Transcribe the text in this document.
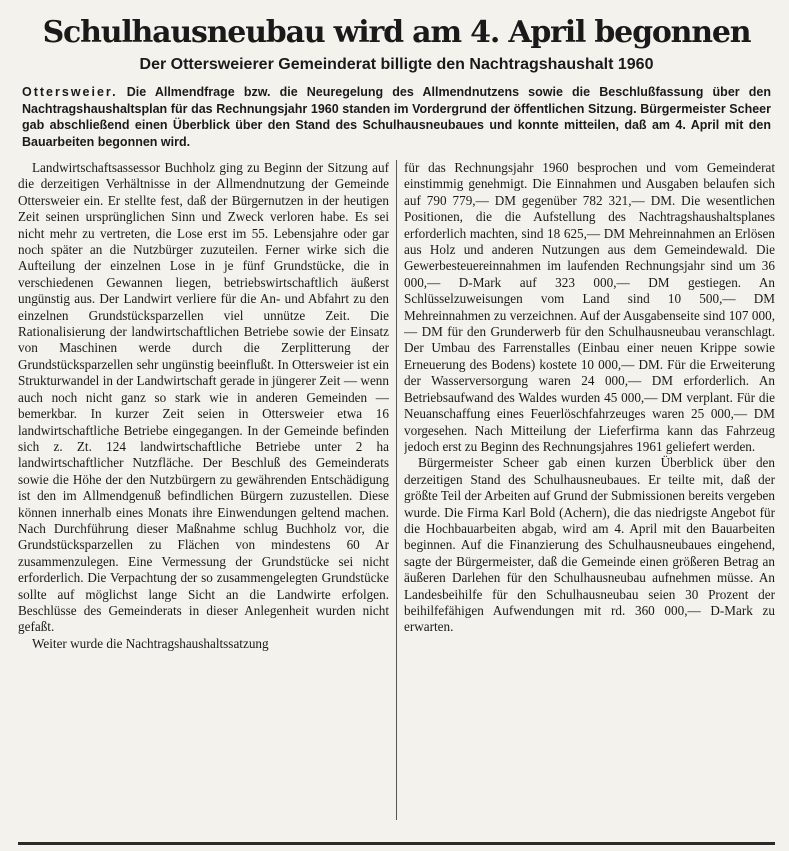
Schulhausneubau wird am 4. April begonnen
Der Ottersweierer Gemeinderat billigte den Nachtragshaushalt 1960
Ottersweier. Die Allmendfrage bzw. die Neuregelung des Allmendnutzens sowie die Beschlußfassung über den Nachtragshaushaltsplan für das Rechnungsjahr 1960 standen im Vordergrund der öffentlichen Sitzung. Bürgermeister Scheer gab abschließend einen Überblick über den Stand des Schulhausneubaues und konnte mitteilen, daß am 4. April mit den Bauarbeiten begonnen wird.

Landwirtschaftsassessor Buchholz ging zu Beginn der Sitzung auf die derzeitigen Verhältnisse in der Allmendnutzung der Gemeinde Ottersweier ein. Er stellte fest, daß der Bürgernutzen in der heutigen Zeit seinen ursprünglichen Sinn und Zweck verloren habe. Es sei nicht mehr zu vertreten, die Lose erst im 55. Lebensjahre oder gar noch später an die Nutzbürger zuzuteilen. Ferner wirke sich die Aufteilung der einzelnen Lose in je fünf Grundstücke, die in verschiedenen Gewannen liegen, betriebswirtschaftlich äußerst ungünstig aus. Der Landwirt verliere für die An- und Abfahrt zu den einzelnen Grundstücksparzellen viel unnütze Zeit. Die Rationalisierung der landwirtschaftlichen Betriebe sowie der Einsatz von Maschinen werde durch die Zerplitterung der Grundstücksparzellen sehr ungünstig beeinflußt. In Ottersweier ist ein Strukturwandel in der Landwirtschaft gerade in jüngerer Zeit — wenn auch noch nicht ganz so stark wie in anderen Gemeinden — bemerkbar. In kurzer Zeit seien in Ottersweier etwa 16 landwirtschaftliche Betriebe eingegangen. In der Gemeinde befinden sich z. Zt. 124 landwirtschaftliche Betriebe unter 2 ha landwirtschaftlicher Nutzfläche. Der Beschluß des Gemeinderats sowie die Höhe der den Nutzbürgern zu gewährenden Entschädigung ist den im Allmendgenuß befindlichen Bürgern zuzustellen. Diese können innerhalb eines Monats ihre Einwendungen geltend machen. Nach Durchführung dieser Maßnahme schlug Buchholz vor, die Grundstücksparzellen zu Flächen von mindestens 60 Ar zusammenzulegen. Eine Vermessung der Grundstücke sei nicht erforderlich. Die Verpachtung der so zusammengelegten Grundstücke sollte auf möglichst lange Sicht an die Landwirte erfolgen. Beschlüsse des Gemeinderats in dieser Anlegenheit wurden nicht gefaßt.

Weiter wurde die Nachtragshaushaltssatzung

für das Rechnungsjahr 1960 besprochen und vom Gemeinderat einstimmig genehmigt. Die Einnahmen und Ausgaben belaufen sich auf 790 779,— DM gegenüber 782 321,— DM. Die wesentlichen Positionen, die die Aufstellung des Nachtragshaushaltsplanes erforderlich machten, sind 18 625,— DM Mehreinnahmen an Erlösen aus Holz und anderen Nutzungen aus dem Gemeindewald. Die Gewerbesteuereinnahmen im laufenden Rechnungsjahr sind um 36 000,— D-Mark auf 323 000,— DM gestiegen. An Schlüsselzuweisungen vom Land sind 10 500,— DM Mehreinnahmen zu verzeichnen. Auf der Ausgabenseite sind 107 000,— DM für den Grunderwerb für den Schulhausneubau veranschlagt. Der Umbau des Farrenstalles (Einbau einer neuen Krippe sowie Erneuerung des Bodens) kostete 10 000,— DM. Für die Erweiterung der Wasserversorgung waren 24 000,— DM erforderlich. An Betriebsaufwand des Waldes wurden 45 000,— DM verplant. Für die Neuanschaffung eines Feuerlöschfahrzeuges waren 25 000,— DM vorgesehen. Nach Mitteilung der Lieferfirma kann das Fahrzeug jedoch erst zu Beginn des Rechnungsjahres 1961 geliefert werden.

Bürgermeister Scheer gab einen kurzen Überblick über den derzeitigen Stand des Schulhausneubaues. Er teilte mit, daß der größte Teil der Arbeiten auf Grund der Submissionen bereits vergeben wurde. Die Firma Karl Bold (Achern), die das niedrigste Angebot für die Hochbauarbeiten abgab, wird am 4. April mit den Bauarbeiten beginnen. Auf die Finanzierung des Schulhausneubaues eingehend, sagte der Bürgermeister, daß die Gemeinde einen größeren Betrag an äußeren Darlehen für den Schulhausneubau aufnehmen müsse. An Landesbeihilfe für den Schulhausneubau seien 30 Prozent der beihilfefähigen Aufwendungen mit rd. 360 000,— D-Mark zu erwarten.
